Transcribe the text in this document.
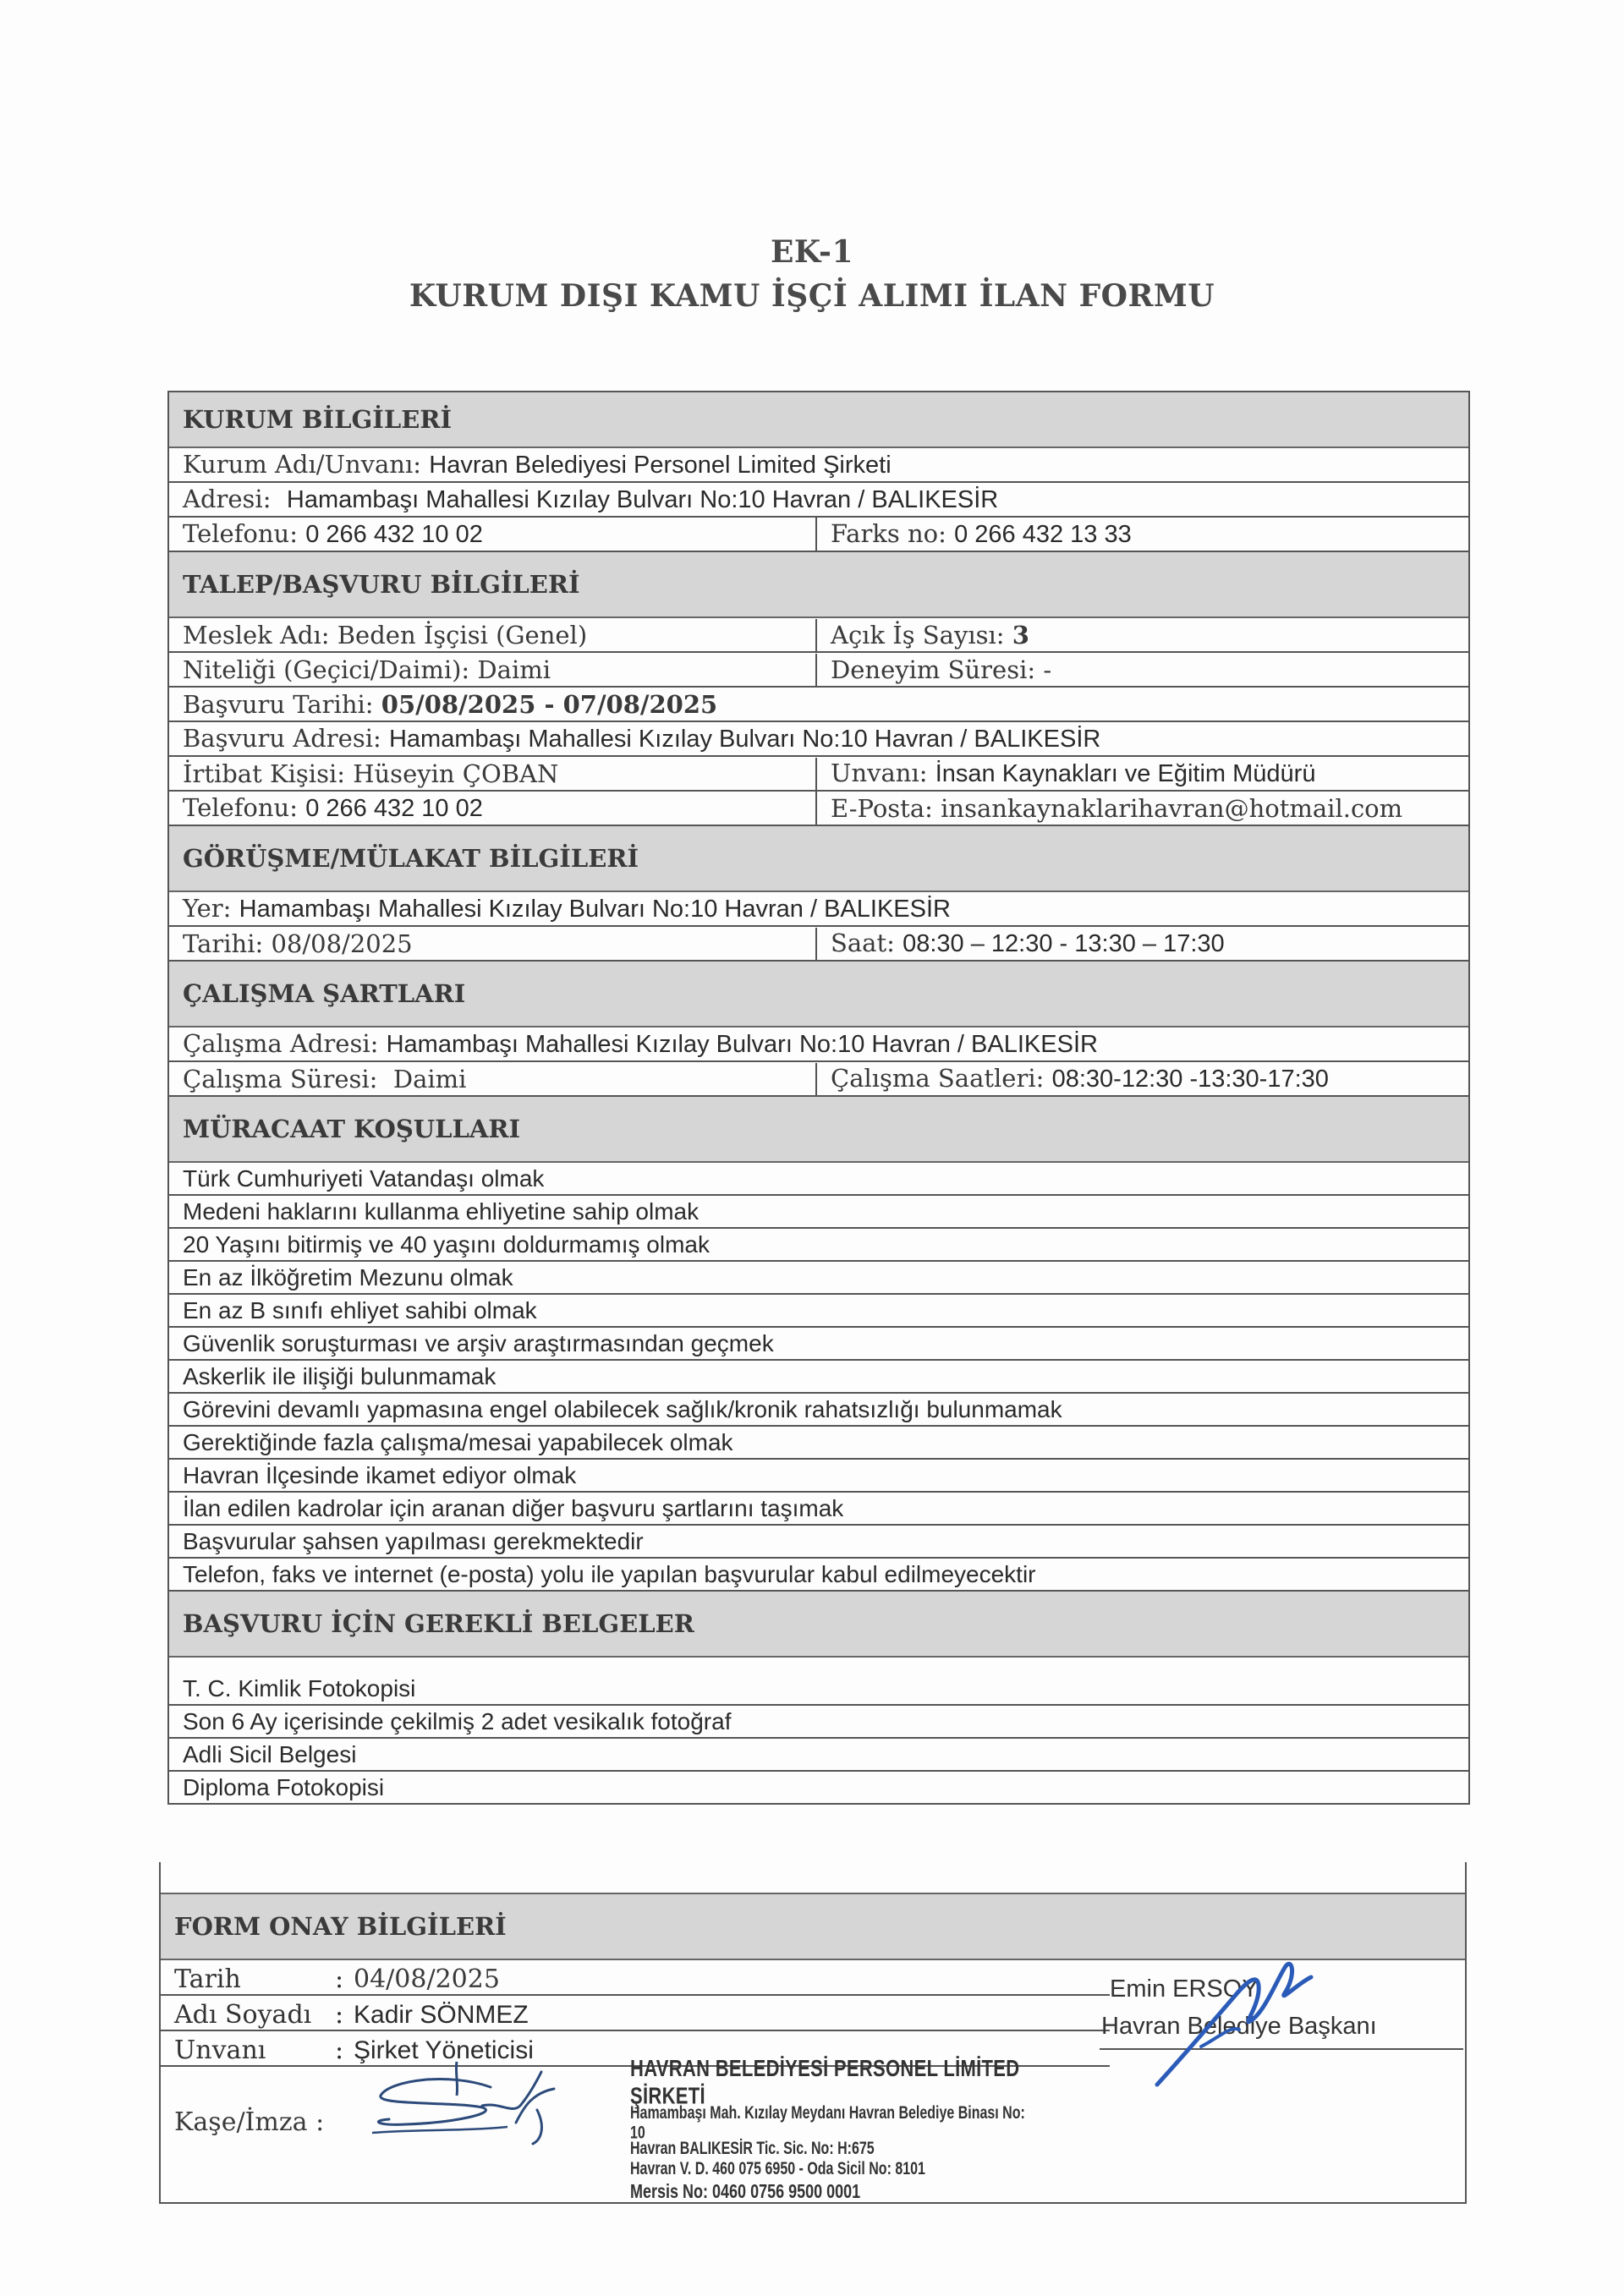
EK-1
KURUM DIŞI KAMU İŞÇİ ALIMI İLAN FORMU
KURUM BİLGİLERİ
Kurum Adı/Unvanı: Havran Belediyesi Personel Limited Şirketi
Adresi: Hamambaşı Mahallesi Kızılay Bulvarı No:10 Havran / BALIKESİR
Telefonu: 0 266 432 10 02	Farks no: 0 266 432 13 33
TALEP/BAŞVURU BİLGİLERİ
Meslek Adı: Beden İşçisi (Genel)	Açık İş Sayısı: 3
Niteliği (Geçici/Daimi): Daimi	Deneyim Süresi: -
Başvuru Tarihi: 05/08/2025 - 07/08/2025
Başvuru Adresi: Hamambaşı Mahallesi Kızılay Bulvarı No:10 Havran / BALIKESİR
İrtibat Kişisi: Hüseyin ÇOBAN	Unvanı: İnsan Kaynakları ve Eğitim Müdürü
Telefonu: 0 266 432 10 02	E-Posta: insankaynaklarihavran@hotmail.com
GÖRÜŞME/MÜLAKAT BİLGİLERİ
Yer: Hamambaşı Mahallesi Kızılay Bulvarı No:10 Havran / BALIKESİR
Tarihi: 08/08/2025	Saat: 08:30 – 12:30 - 13:30 – 17:30
ÇALIŞMA ŞARTLARI
Çalışma Adresi: Hamambaşı Mahallesi Kızılay Bulvarı No:10 Havran / BALIKESİR
Çalışma Süresi: Daimi	Çalışma Saatleri: 08:30-12:30 -13:30-17:30
MÜRACAAT KOŞULLARI
Türk Cumhuriyeti Vatandaşı olmak
Medeni haklarını kullanma ehliyetine sahip olmak
20 Yaşını bitirmiş ve 40 yaşını doldurmamış olmak
En az İlköğretim Mezunu olmak
En az B sınıfı ehliyet sahibi olmak
Güvenlik soruşturması ve arşiv araştırmasından geçmek
Askerlik ile ilişiği bulunmamak
Görevini devamlı yapmasına engel olabilecek sağlık/kronik rahatsızlığı bulunmamak
Gerektiğinde fazla çalışma/mesai yapabilecek olmak
Havran İlçesinde ikamet ediyor olmak
İlan edilen kadrolar için aranan diğer başvuru şartlarını taşımak
Başvurular şahsen yapılması gerekmektedir
Telefon, faks ve internet (e-posta) yolu ile yapılan başvurular kabul edilmeyecektir
BAŞVURU İÇİN GEREKLİ BELGELER
T. C. Kimlik Fotokopisi
Son 6 Ay içerisinde çekilmiş 2 adet vesikalık fotoğraf
Adli Sicil Belgesi
Diploma Fotokopisi
FORM ONAY BİLGİLERİ
Tarih	: 04/08/2025
Adı Soyadı : Kadir SÖNMEZ
Unvanı	: Şirket Yöneticisi
Kaşe/İmza :
Emin ERSOY
Havran Belediye Başkanı
HAVRAN BELEDİYESİ PERSONEL LİMİTED ŞİRKETİ
Hamambaşı Mah. Kızılay Meydanı Havran Belediye Binası No: 10
Havran BALIKESİR Tic. Sic. No: H:675
Havran V. D. 460 075 6950 - Oda Sicil No: 8101
Mersis No: 0460 0756 9500 0001
